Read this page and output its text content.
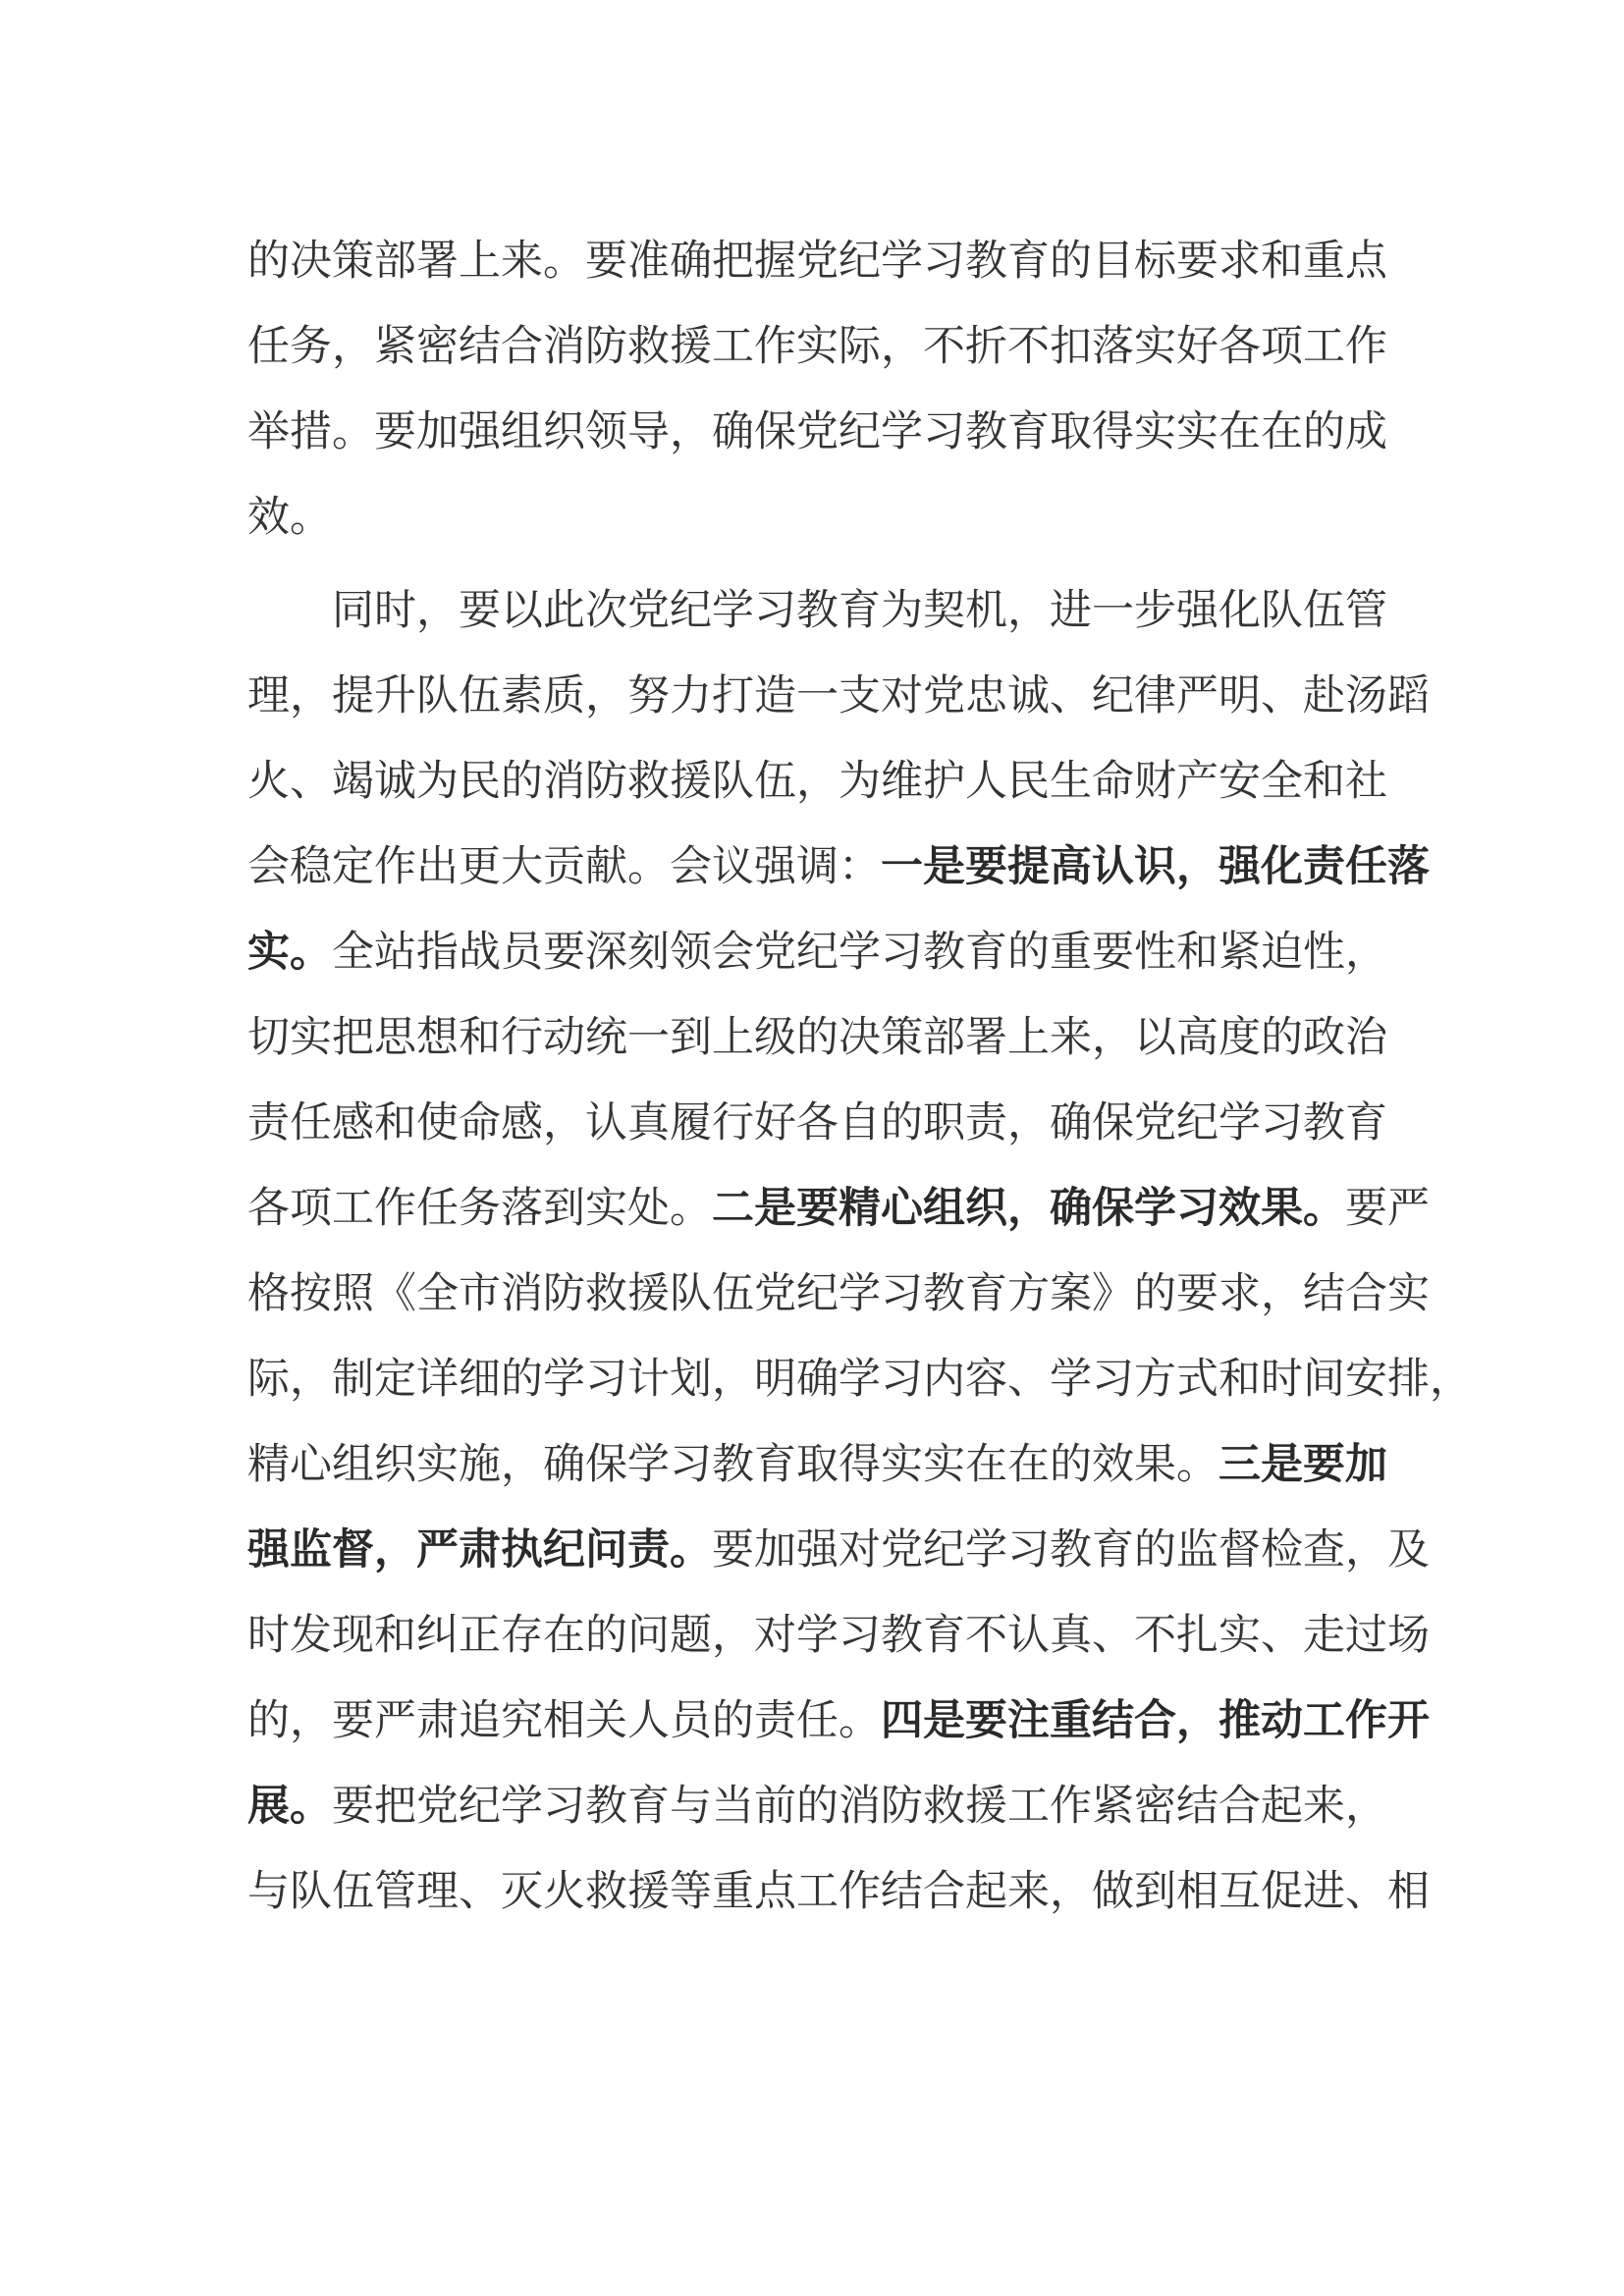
的决策部署上来。要准确把握党纪学习教育的目标要求和重点
任务，紧密结合消防救援工作实际，不折不扣落实好各项工作
举措。要加强组织领导，确保党纪学习教育取得实实在在的成
效。
同时，要以此次党纪学习教育为契机，进一步强化队伍管
理，提升队伍素质，努力打造一支对党忠诚、纪律严明、赴汤蹈
火、竭诚为民的消防救援队伍，为维护人民生命财产安全和社
会稳定作出更大贡献。会议强调：一是要提高认识，强化责任落
实。全站指战员要深刻领会党纪学习教育的重要性和紧迫性，
切实把思想和行动统一到上级的决策部署上来，以高度的政治
责任感和使命感，认真履行好各自的职责，确保党纪学习教育
各项工作任务落到实处。二是要精心组织，确保学习效果。要严
格按照《全市消防救援队伍党纪学习教育方案》的要求，结合实
际，制定详细的学习计划，明确学习内容、学习方式和时间安排，
精心组织实施，确保学习教育取得实实在在的效果。三是要加
强监督，严肃执纪问责。要加强对党纪学习教育的监督检查，及
时发现和纠正存在的问题，对学习教育不认真、不扎实、走过场
的，要严肃追究相关人员的责任。四是要注重结合，推动工作开
展。要把党纪学习教育与当前的消防救援工作紧密结合起来，
与队伍管理、灭火救援等重点工作结合起来，做到相互促进、相
